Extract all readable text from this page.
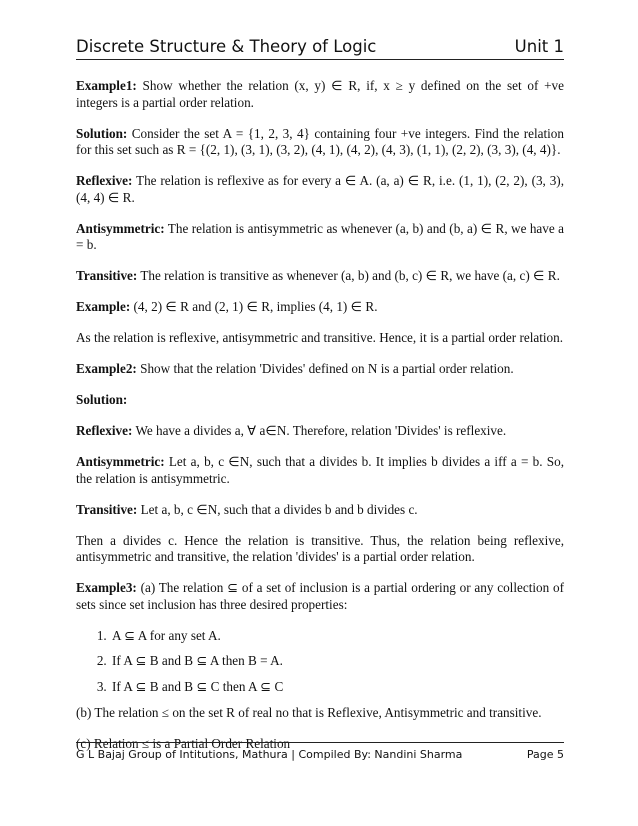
Discrete Structure & Theory of Logic	Unit 1

Example1: Show whether the relation (x, y) ∈ R, if, x ≥ y defined on the set of +ve integers is a partial order relation.

Solution: Consider the set A = {1, 2, 3, 4} containing four +ve integers. Find the relation for this set such as R = {(2, 1), (3, 1), (3, 2), (4, 1), (4, 2), (4, 3), (1, 1), (2, 2), (3, 3), (4, 4)}.

Reflexive: The relation is reflexive as for every a ∈ A. (a, a) ∈ R, i.e. (1, 1), (2, 2), (3, 3), (4, 4) ∈ R.

Antisymmetric: The relation is antisymmetric as whenever (a, b) and (b, a) ∈ R, we have a = b.

Transitive: The relation is transitive as whenever (a, b) and (b, c) ∈ R, we have (a, c) ∈ R.

Example: (4, 2) ∈ R and (2, 1) ∈ R, implies (4, 1) ∈ R.

As the relation is reflexive, antisymmetric and transitive. Hence, it is a partial order relation.

Example2: Show that the relation 'Divides' defined on N is a partial order relation.

Solution:

Reflexive: We have a divides a, ∀ a∈N. Therefore, relation 'Divides' is reflexive.

Antisymmetric: Let a, b, c ∈N, such that a divides b. It implies b divides a iff a = b. So, the relation is antisymmetric.

Transitive: Let a, b, c ∈N, such that a divides b and b divides c.

Then a divides c. Hence the relation is transitive. Thus, the relation being reflexive, antisymmetric and transitive, the relation 'divides' is a partial order relation.

Example3: (a) The relation ⊆ of a set of inclusion is a partial ordering or any collection of sets since set inclusion has three desired properties:

1. A ⊆ A for any set A.
2. If A ⊆ B and B ⊆ A then B = A.
3. If A ⊆ B and B ⊆ C then A ⊆ C

(b) The relation ≤ on the set R of real no that is Reflexive, Antisymmetric and transitive.

(c) Relation ≤ is a Partial Order Relation

G L Bajaj Group of Intitutions, Mathura | Compiled By: Nandini Sharma	Page 5
